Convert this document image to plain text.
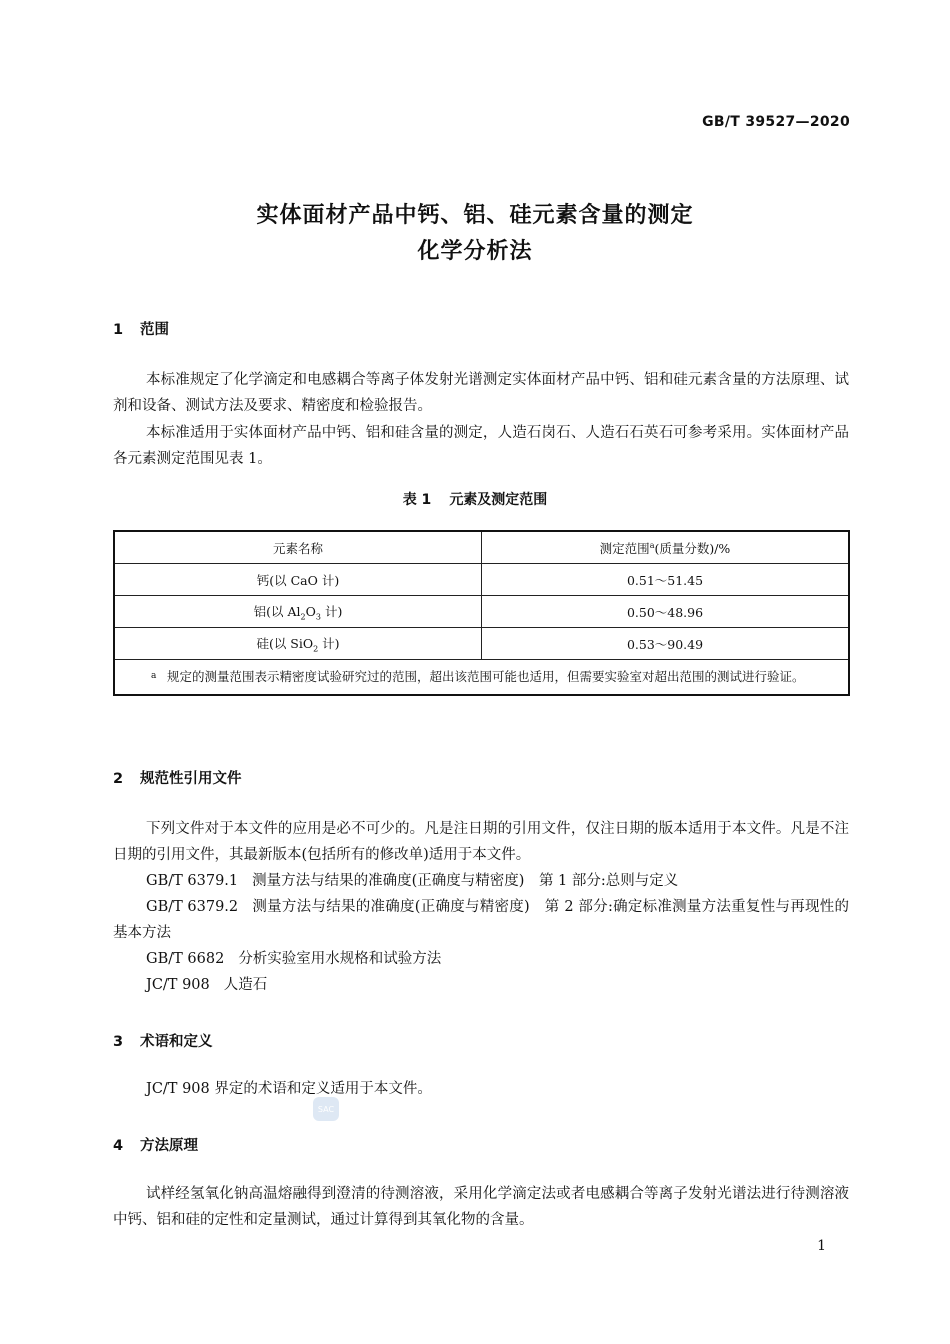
GB/T 39527—2020
实体面材产品中钙、铝、硅元素含量的测定
化学分析法
1 范围
本标准规定了化学滴定和电感耦合等离子体发射光谱测定实体面材产品中钙、铝和硅元素含量的方法原理、试剂和设备、测试方法及要求、精密度和检验报告。
本标准适用于实体面材产品中钙、铝和硅含量的测定，人造石岗石、人造石石英石可参考采用。实体面材产品各元素测定范围见表 1。
表 1 元素及测定范围
元素名称	测定范围$^a$(质量分数)/%
钙(以 CaO 计)	0.51～51.45
铝(以 $Al_2O_3$ 计)	0.50～48.96
硅(以 SiO$_2$ 计)	0.53～90.49

a 规定的测量范围表示精密度试验研究过的范围，超出该范围可能也适用，但需要实验室对超出范围的测试进行验证。	
2 规范性引用文件
下列文件对于本文件的应用是必不可少的。凡是注日期的引用文件，仅注日期的版本适用于本文件。凡是不注日期的引用文件，其最新版本(包括所有的修改单)适用于本文件。
GB/T 6379.1 测量方法与结果的准确度(正确度与精密度)　第 1 部分:总则与定义
GB/T 6379.2 测量方法与结果的准确度(正确度与精密度)　第 2 部分:确定标准测量方法重复性与再现性的基本方法
GB/T 6682 分析实验室用水规格和试验方法
JC/T 908 人造石
3 术语和定义
JC/T 908 界定的术语和定义适用于本文件。
SAC
4 方法原理
试样经氢氧化钠高温熔融得到澄清的待测溶液，采用化学滴定法或者电感耦合等离子发射光谱法进行待测溶液中钙、铝和硅的定性和定量测试，通过计算得到其氧化物的含量。
1
